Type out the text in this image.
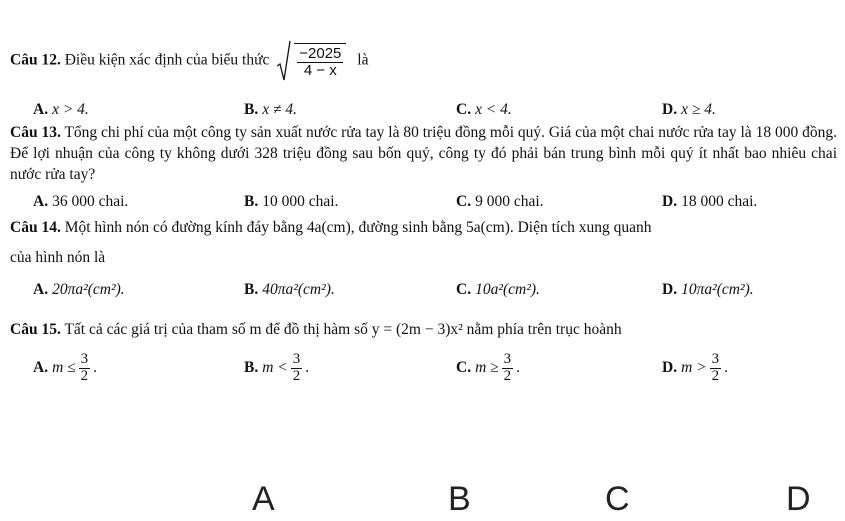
Câu 12. Điều kiện xác định của biểu thức $\frac{-2025}{4 - x}$ là
A. x > 4.	B. x ≠ 4.	C. x < 4.	D. x ≥ 4.
Câu 13. Tổng chi phí của một công ty sản xuất nước rửa tay là 80 triệu đồng mỗi quý. Giá của một chai nước rửa tay là 18 000 đồng. Để lợi nhuận của công ty không dưới 328 triệu đồng sau bốn quý, công ty đó phải bán trung bình mỗi quý ít nhất bao nhiêu chai nước rửa tay?
A. 36 000 chai.	B. 10 000 chai.	C. 9 000 chai.	D. 18 000 chai.
Câu 14. Một hình nón có đường kính đáy bằng 4a(cm), đường sinh bằng 5a(cm). Diện tích xung quanh
của hình nón là
A. 20πa²(cm²).	B. 40πa²(cm²).	C. 10a²(cm²).	D. 10πa²(cm²).
Câu 15. Tất cả các giá trị của tham số m để đồ thị hàm số y = (2m − 3)x² nằm phía trên trục hoành
A. $m \le \frac{3}{2}$ .	B. $m < \frac{3}{2}$ .	C. $m \ge \frac{3}{2}$ .	D. $m > \frac{3}{2}$ .
A	B	C	D
